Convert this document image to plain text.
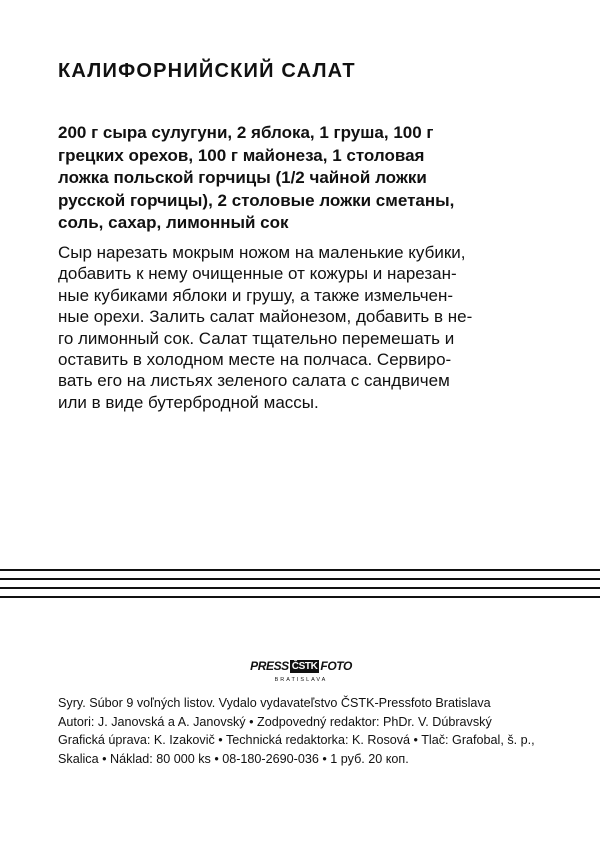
КАЛИФОРНИЙСКИЙ САЛАТ
200 г сыра сулугуни, 2 яблока, 1 груша, 100 г
грецких орехов, 100 г майонеза, 1 столовая
ложка польской горчицы (1/2 чайной ложки
русской горчицы), 2 столовые ложки сметаны,
соль, сахар, лимонный сок
Сыр нарезать мокрым ножом на маленькие кубики,
добавить к нему очищенные от кожуры и нарезан-
ные кубиками яблоки и грушу, а также измельчен-
ные орехи. Залить салат майонезом, добавить в не-
го лимонный сок. Салат тщательно перемешать и
оставить в холодном месте на полчаса. Сервиро-
вать его на листьях зеленого салата с сандвичем
или в виде бутербродной массы.
PRESS ČSTK FOTO
BRATISLAVA
Syry. Súbor 9 voľných listov. Vydalo vydavateľstvo ČSTK-Pressfoto Bratislava
Autori: J. Janovská a A. Janovský • Zodpovedný redaktor: PhDr. V. Dúbravský
Grafická úprava: K. Izakovič • Technická redaktorka: K. Rosová • Tlač: Grafobal, š. p.,
Skalica • Náklad: 80 000 ks • 08-180-2690-036 • 1 руб. 20 коп.
